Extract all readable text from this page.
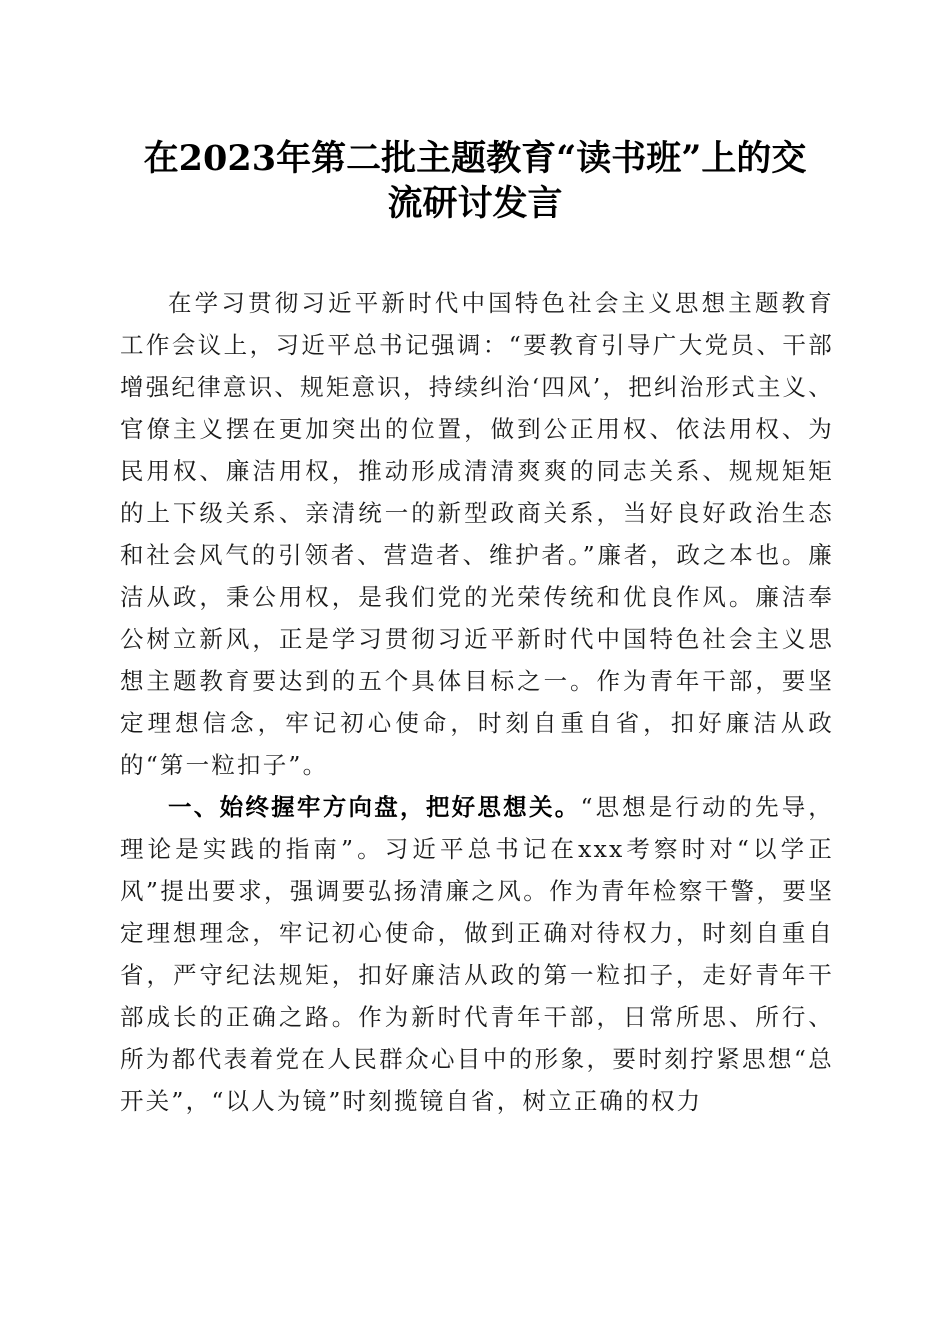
在2023年第二批主题教育“读书班”上的交
流研讨发言

在学习贯彻习近平新时代中国特色社会主义思想主题教育工作会议上，习近平总书记强调：“要教育引导广大党员、干部增强纪律意识、规矩意识，持续纠治‘四风’，把纠治形式主义、官僚主义摆在更加突出的位置，做到公正用权、依法用权、为民用权、廉洁用权，推动形成清清爽爽的同志关系、规规矩矩的上下级关系、亲清统一的新型政商关系，当好良好政治生态和社会风气的引领者、营造者、维护者。”廉者，政之本也。廉洁从政，秉公用权，是我们党的光荣传统和优良作风。廉洁奉公树立新风，正是学习贯彻习近平新时代中国特色社会主义思想主题教育要达到的五个具体目标之一。作为青年干部，要坚定理想信念，牢记初心使命，时刻自重自省，扣好廉洁从政的“第一粒扣子”。

一、始终握牢方向盘，把好思想关。“思想是行动的先导，理论是实践的指南”。习近平总书记在xxx考察时对“以学正风”提出要求，强调要弘扬清廉之风。作为青年检察干警，要坚定理想理念，牢记初心使命，做到正确对待权力，时刻自重自省，严守纪法规矩，扣好廉洁从政的第一粒扣子，走好青年干部成长的正确之路。作为新时代青年干部，日常所思、所行、所为都代表着党在人民群众心目中的形象，要时刻拧紧思想“总开关”，“以人为镜”时刻揽镜自省，树立正确的权力
